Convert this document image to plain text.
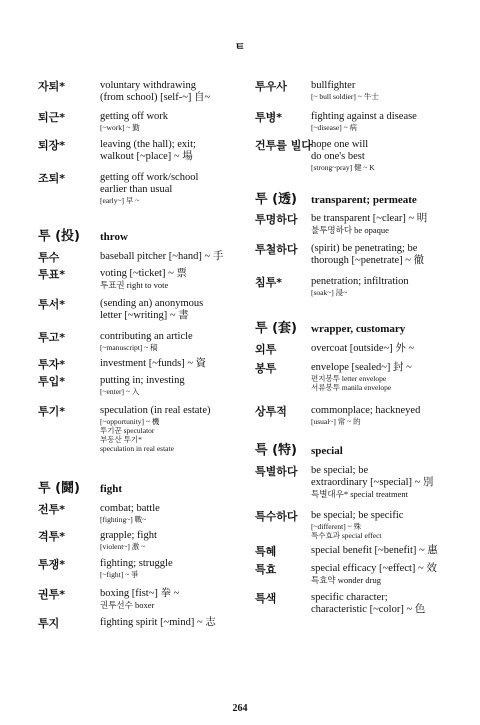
ㅌ
자퇴*	voluntary withdrawing
(from school) [self-~] 自~
퇴근*	getting off work
[~work] ~ 勤
퇴장*	leaving (the hall); exit;
walkout [~place] ~ 場
조퇴*	getting off work/school
earlier than usual
[early~] 早 ~
투 (投)	throw
투수	baseball pitcher [~hand] ~ 手
투표*	voting [~ticket] ~ 票
투표권 right to vote
투서*	(sending an) anonymous
letter [~writing] ~ 書
투고*	contributing an article
[~manuscript] ~ 稿
투자*	investment [~funds] ~ 資
투입*	putting in; investing
[~enter] ~ 入
투기*	speculation (in real estate)
[~opportunity] ~ 機
투기꾼 speculator
부동산 투기*
speculation in real estate
투 (鬪)	fight
전투*	combat; battle
[fighting~] 戰~
격투*	grapple; fight
[violent~] 激 ~
투쟁*	fighting; struggle
[~fight] ~ 爭
권투*	boxing [fist~] 拳 ~
권투선수 boxer
투지	fighting spirit [~mind] ~ 志
투우사	bullfighter
[~ bull soldier] ~ 牛士
투병*	fighting against a disease
[~disease] ~ 病
건투를 빌다 hope one will
do one's best
[strong~pray] 健 ~ K
투 (透)	transparent; permeate
투명하다	be transparent [~clear] ~ 明
불투명하다 be opaque
투철하다	(spirit) be penetrating; be
thorough [~penetrate] ~ 徹
침투*	penetration; infiltration
[soak~] 浸~
투 (套)	wrapper, customary
외투	overcoat [outside~] 外 ~
봉투	envelope [sealed~] 封 ~
편지봉투 letter envelope
서류봉투 manila envelope
상투적	commonplace; hackneyed
[usual~] 常 ~ 的
특 (特)	special
특별하다	be special; be
extraordinary [~special] ~ 別
특별대우* special treatment
특수하다	be special; be specific
[~different] ~ 殊
특수효과 special effect
특혜	special benefit [~benefit] ~ 惠
특효	special efficacy [~effect] ~ 效
특효약 wonder drug
특색	specific character;
characteristic [~color] ~ 色
264
